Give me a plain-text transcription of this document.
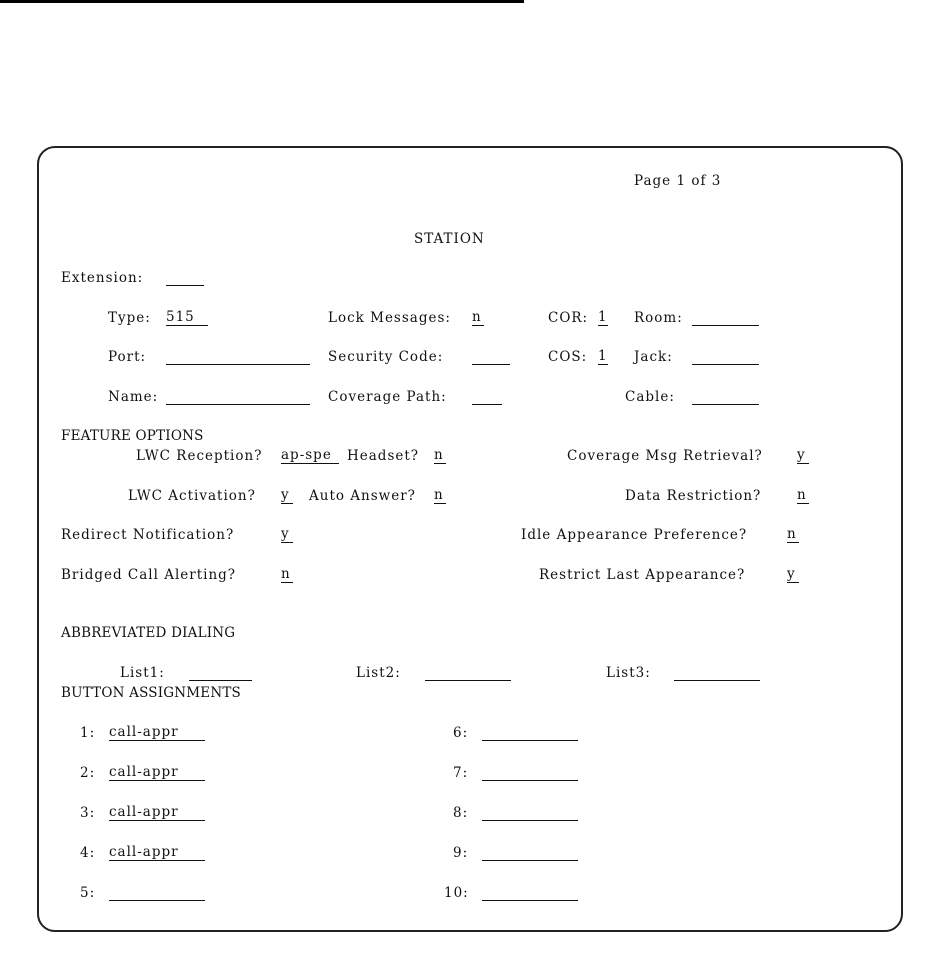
Page 1 of 3
STATION
Extension:
Type: 515	Lock Messages: n	COR: 1 Room:
Port:	Security Code:	COS: 1 Jack:
Name:	Coverage Path:	Cable:
FEATURE OPTIONS
LWC Reception? ap-spe	Headset? n	Coverage Msg Retrieval?	y
LWC Activation? y Auto Answer? n	Data Restriction?	n
Redirect Notification?	y	Idle Appearance Preference?	n
Bridged Call Alerting?	n	Restrict Last Appearance?	y
ABBREVIATED DIALING
List1:	List2:	List3:
BUTTON ASSIGNMENTS
1: call-appr
2: call-appr
3: call-appr
4: call-appr
5:
6:
7:
8:
9:
10:
